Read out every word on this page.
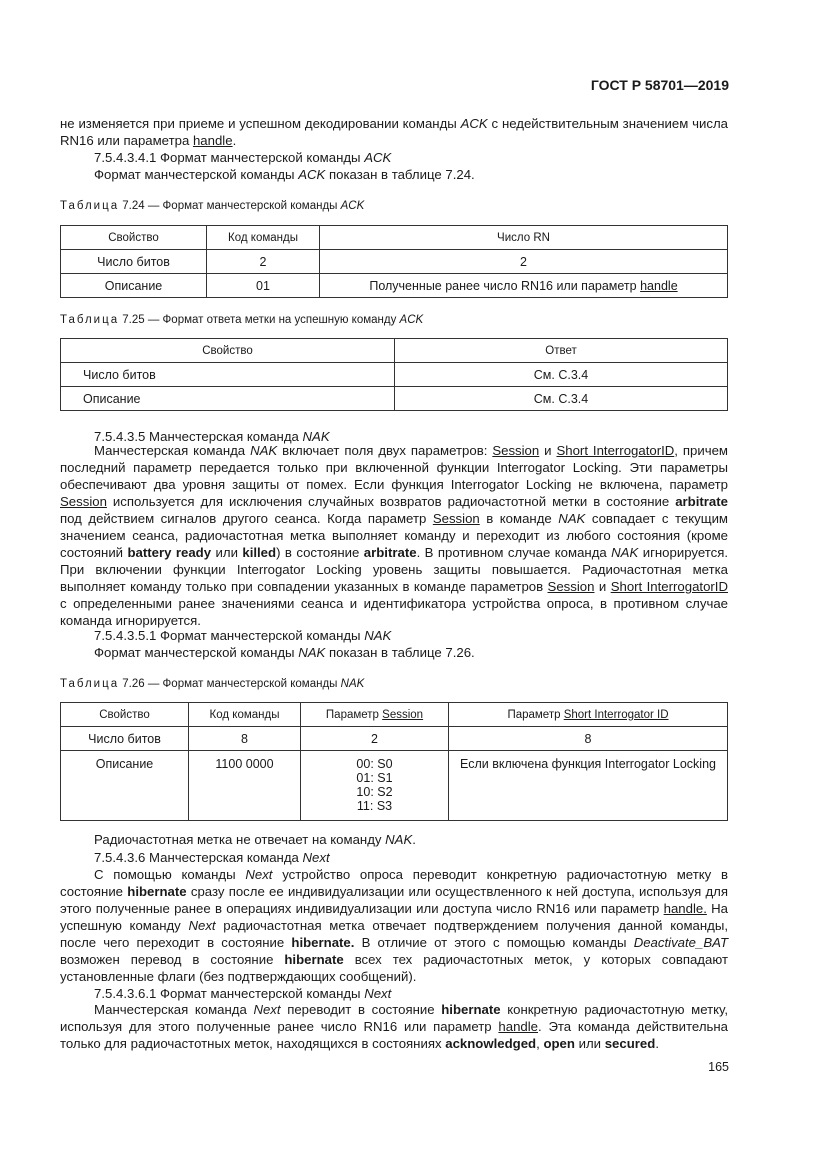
ГОСТ Р 58701—2019

не изменяется при приеме и успешном декодировании команды ACK с недействительным значением числа RN16 или параметра handle.

7.5.4.3.4.1 Формат манчестерской команды ACK

Формат манчестерской команды ACK показан в таблице 7.24.

Таблица 7.24 — Формат манчестерской команды ACK
Свойство	Код команды	Число RN
Число битов	2	2
Описание	01	Полученные ранее число RN16 или параметр handle
Таблица 7.25 — Формат ответа метки на успешную команду ACK
Свойство	Ответ
Число битов	См. С.3.4
Описание	См. С.3.4

7.5.4.3.5 Манчестерская команда NAK

Манчестерская команда NAK включает поля двух параметров: Session и Short InterrogatorID, причем последний параметр передается только при включенной функции Interrogator Locking. Эти параметры обеспечивают два уровня защиты от помех. Если функция Interrogator Locking не включена, параметр Session используется для исключения случайных возвратов радиочастотной метки в состояние arbitrate под действием сигналов другого сеанса. Когда параметр Session в команде NAK совпадает с текущим значением сеанса, радиочастотная метка выполняет команду и переходит из любого состояния (кроме состояний battery ready или killed) в состояние arbitrate. В противном случае команда NAK игнорируется. При включении функции Interrogator Locking уровень защиты повышается. Радиочастотная метка выполняет команду только при совпадении указанных в команде параметров Session и Short InterrogatorID с определенными ранее значениями сеанса и идентификатора устройства опроса, в противном случае команда игнорируется.

7.5.4.3.5.1 Формат манчестерской команды NAK

Формат манчестерской команды NAK показан в таблице 7.26.

Таблица 7.26 — Формат манчестерской команды NAK
Свойство	Код команды	Параметр Session	Параметр Short Interrogator ID
Число битов	8	2	8
Описание	1100 0000	00: S0
01: S1
10: S2
11: S3	Если включена функция Interrogator Locking

Радиочастотная метка не отвечает на команду NAK.

7.5.4.3.6 Манчестерская команда Next

С помощью команды Next устройство опроса переводит конкретную радиочастотную метку в состояние hibernate сразу после ее индивидуализации или осуществленного к ней доступа, используя для этого полученные ранее в операциях индивидуализации или доступа число RN16 или параметр handle. На успешную команду Next радиочастотная метка отвечает подтверждением получения данной команды, после чего переходит в состояние hibernate. В отличие от этого с помощью команды Deactivate_BAT возможен перевод в состояние hibernate всех тех радиочастотных меток, у которых совпадают установленные флаги (без подтверждающих сообщений).

7.5.4.3.6.1 Формат манчестерской команды Next

Манчестерская команда Next переводит в состояние hibernate конкретную радиочастотную метку, используя для этого полученные ранее число RN16 или параметр handle. Эта команда действительна только для радиочастотных меток, находящихся в состояниях acknowledged, open или secured.

165
